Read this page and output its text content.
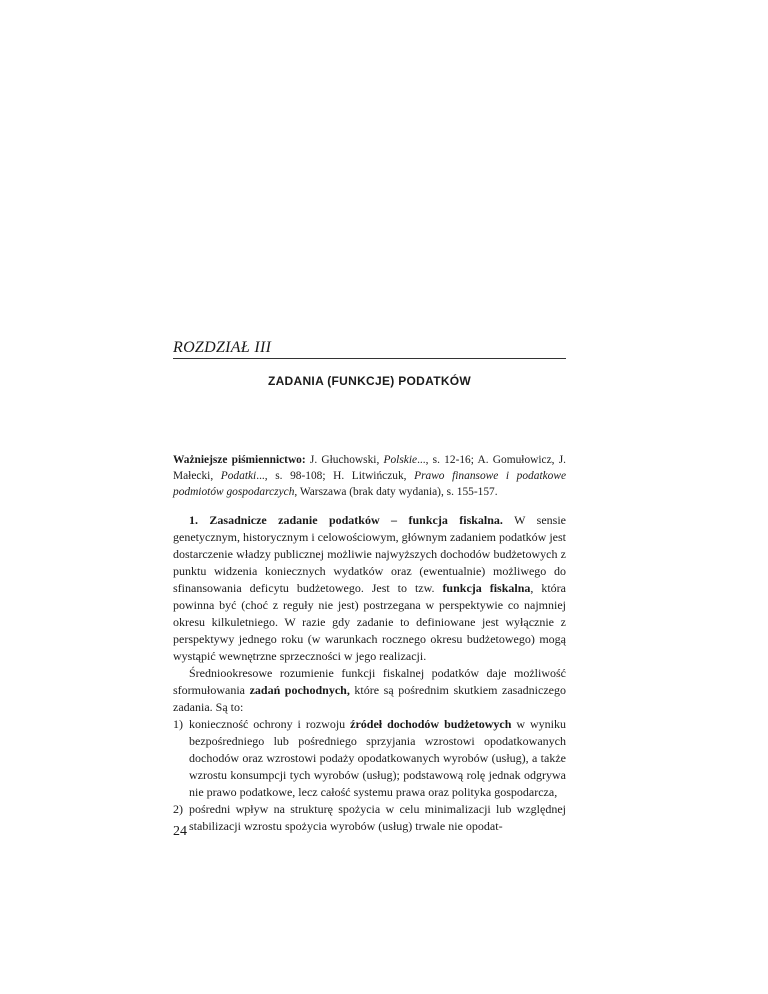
ROZDZIAŁ III
ZADANIA (FUNKCJE) PODATKÓW

Ważniejsze piśmiennictwo: J. Głuchowski, Polskie..., s. 12-16; A. Gomułowicz, J. Małecki, Podatki..., s. 98-108; H. Litwińczuk, Prawo finansowe i podatkowe podmiotów gospodarczych, Warszawa (brak daty wydania), s. 155-157.

1. Zasadnicze zadanie podatków – funkcja fiskalna. W sensie genetycznym, historycznym i celowościowym, głównym zadaniem podatków jest dostarczenie władzy publicznej możliwie najwyższych dochodów budżetowych z punktu widzenia koniecznych wydatków oraz (ewentualnie) możliwego do sfinansowania deficytu budżetowego. Jest to tzw. funkcja fiskalna, która powinna być (choć z reguły nie jest) postrzegana w perspektywie co najmniej okresu kilkuletniego. W razie gdy zadanie to definiowane jest wyłącznie z perspektywy jednego roku (w warunkach rocznego okresu budżetowego) mogą wystąpić wewnętrzne sprzeczności w jego realizacji.

Średniookresowe rozumienie funkcji fiskalnej podatków daje możliwość sformułowania zadań pochodnych, które są pośrednim skutkiem zasadniczego zadania. Są to:

1) konieczność ochrony i rozwoju źródeł dochodów budżetowych w wyniku bezpośredniego lub pośredniego sprzyjania wzrostowi opodatkowanych dochodów oraz wzrostowi podaży opodatkowanych wyrobów (usług), a także wzrostu konsumpcji tych wyrobów (usług); podstawową rolę jednak odgrywa nie prawo podatkowe, lecz całość systemu prawa oraz polityka gospodarcza,
2) pośredni wpływ na strukturę spożycia w celu minimalizacji lub względnej stabilizacji wzrostu spożycia wyrobów (usług) trwale nie opodat-
24
